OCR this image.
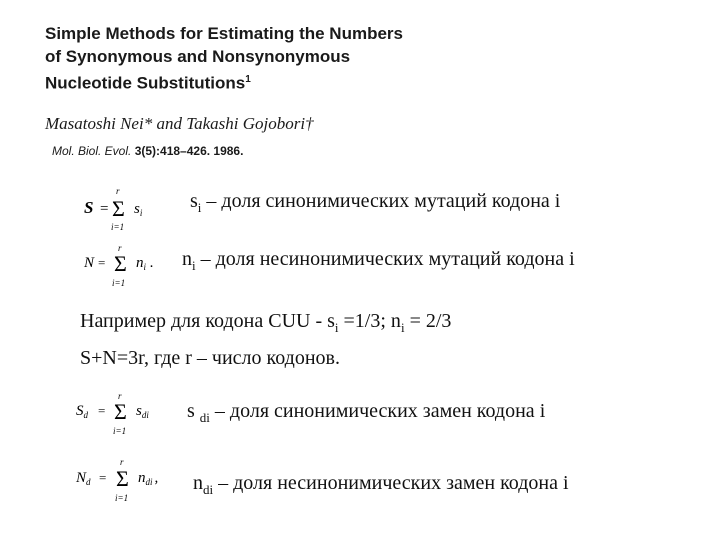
Simple Methods for Estimating the Numbers
of Synonymous and Nonsynonymous
Nucleotide Substitutions$^1$
Masatoshi Nei* and Takashi Gojobori†
Mol. Biol. Evol. 3(5):418–426. 1986.
S =
r
Σ
i=1
$s_i$
$s_i$ – доля синонимических мутаций кодона i
N =
r
Σ
i=1
$n_i$ . $n_i$ – доля несинонимических мутаций кодона i
Например для кодона CUU - $s_i =1/3$; $n_i = 2/3$
S+N=3r, где r – число кодонов.
$S_d$ =
r
Σ
i=1
$s_{di}$ s $_{di}$ – доля синонимических замен кодона i
$N_d$ =
r
Σ
i=1
$n_{di}$ , $n_{di}$ – доля несинонимических замен кодона i
